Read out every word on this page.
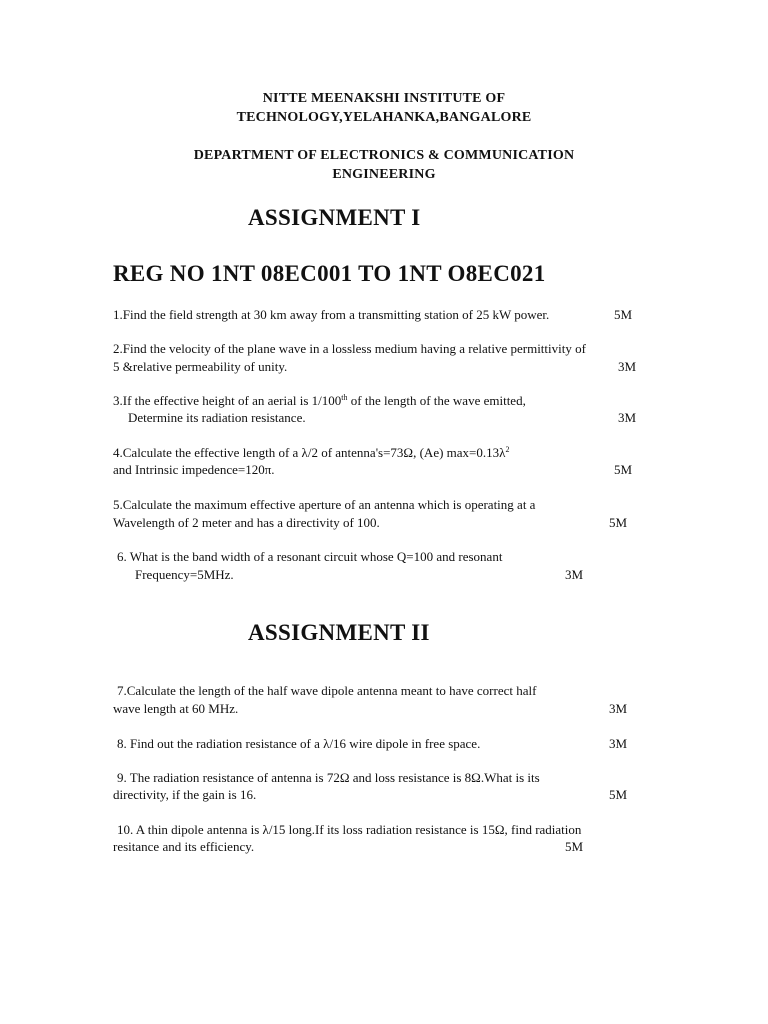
NITTE MEENAKSHI INSTITUTE OF
TECHNOLOGY,YELAHANKA,BANGALORE
DEPARTMENT OF ELECTRONICS & COMMUNICATION
ENGINEERING
ASSIGNMENT I
REG NO 1NT 08EC001 TO 1NT O8EC021
1.Find the field strength at 30 km away from a transmitting station of 25 kW power.	5M
2.Find the velocity of the plane wave in a lossless medium having a relative permittivity of
5 &relative permeability of unity.	3M
3.If the effective height of an aerial is 1/100th of the length of the wave emitted,
Determine its radiation resistance.	3M
4.Calculate the effective length of a λ/2 of antenna's=73Ω, (Ae) $\max=0.13\lambda^2$
and Intrinsic impedence=120π.	5M
5.Calculate the maximum effective aperture of an antenna which is operating at a
Wavelength of 2 meter and has a directivity of 100.	5M
6. What is the band width of a resonant circuit whose Q=100 and resonant
Frequency=5MHz.	3M
ASSIGNMENT II
7.Calculate the length of the half wave dipole antenna meant to have correct half
wave length at 60 MHz.	3M
8. Find out the radiation resistance of a λ/16 wire dipole in free space.	3M
9. The radiation resistance of antenna is 72Ω and loss resistance is 8Ω.What is its
directivity, if the gain is 16.	5M
10. A thin dipole antenna is λ/15 long.If its loss radiation resistance is 15Ω, find radiation
resitance and its efficiency.	5M
